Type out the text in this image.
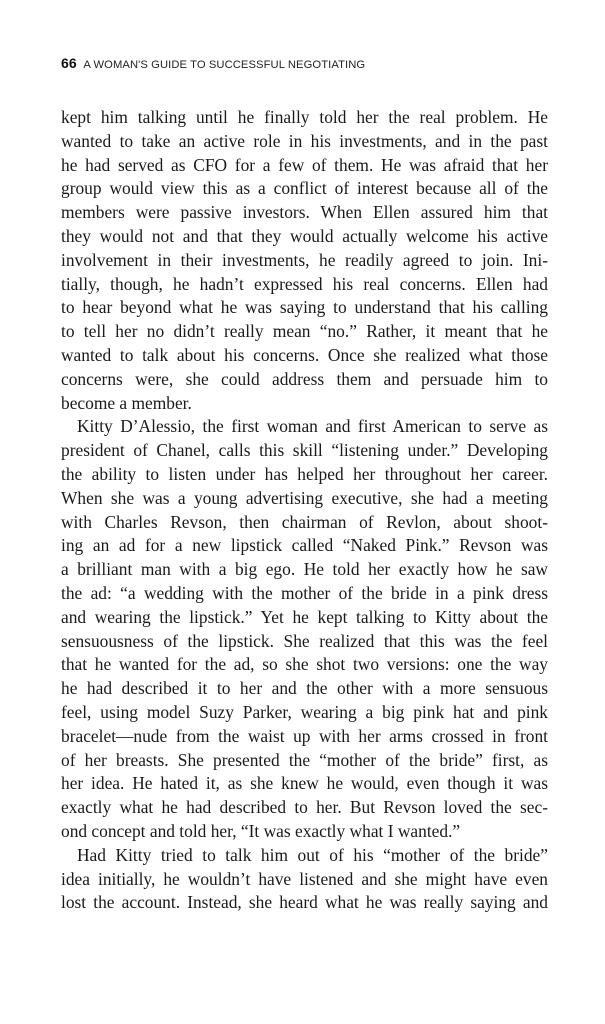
66 A WOMAN'S GUIDE TO SUCCESSFUL NEGOTIATING
kept him talking until he finally told her the real problem. He
wanted to take an active role in his investments, and in the past
he had served as CFO for a few of them. He was afraid that her
group would view this as a conflict of interest because all of the
members were passive investors. When Ellen assured him that
they would not and that they would actually welcome his active
involvement in their investments, he readily agreed to join. Ini-
tially, though, he hadn’t expressed his real concerns. Ellen had
to hear beyond what he was saying to understand that his calling
to tell her no didn’t really mean “no.” Rather, it meant that he
wanted to talk about his concerns. Once she realized what those
concerns were, she could address them and persuade him to
become a member.
Kitty D’Alessio, the first woman and first American to serve as
president of Chanel, calls this skill “listening under.” Developing
the ability to listen under has helped her throughout her career.
When she was a young advertising executive, she had a meeting
with Charles Revson, then chairman of Revlon, about shoot-
ing an ad for a new lipstick called “Naked Pink.” Revson was
a brilliant man with a big ego. He told her exactly how he saw
the ad: “a wedding with the mother of the bride in a pink dress
and wearing the lipstick.” Yet he kept talking to Kitty about the
sensuousness of the lipstick. She realized that this was the feel
that he wanted for the ad, so she shot two versions: one the way
he had described it to her and the other with a more sensuous
feel, using model Suzy Parker, wearing a big pink hat and pink
bracelet—nude from the waist up with her arms crossed in front
of her breasts. She presented the “mother of the bride” first, as
her idea. He hated it, as she knew he would, even though it was
exactly what he had described to her. But Revson loved the sec-
ond concept and told her, “It was exactly what I wanted.”
Had Kitty tried to talk him out of his “mother of the bride”
idea initially, he wouldn’t have listened and she might have even
lost the account. Instead, she heard what he was really saying and
